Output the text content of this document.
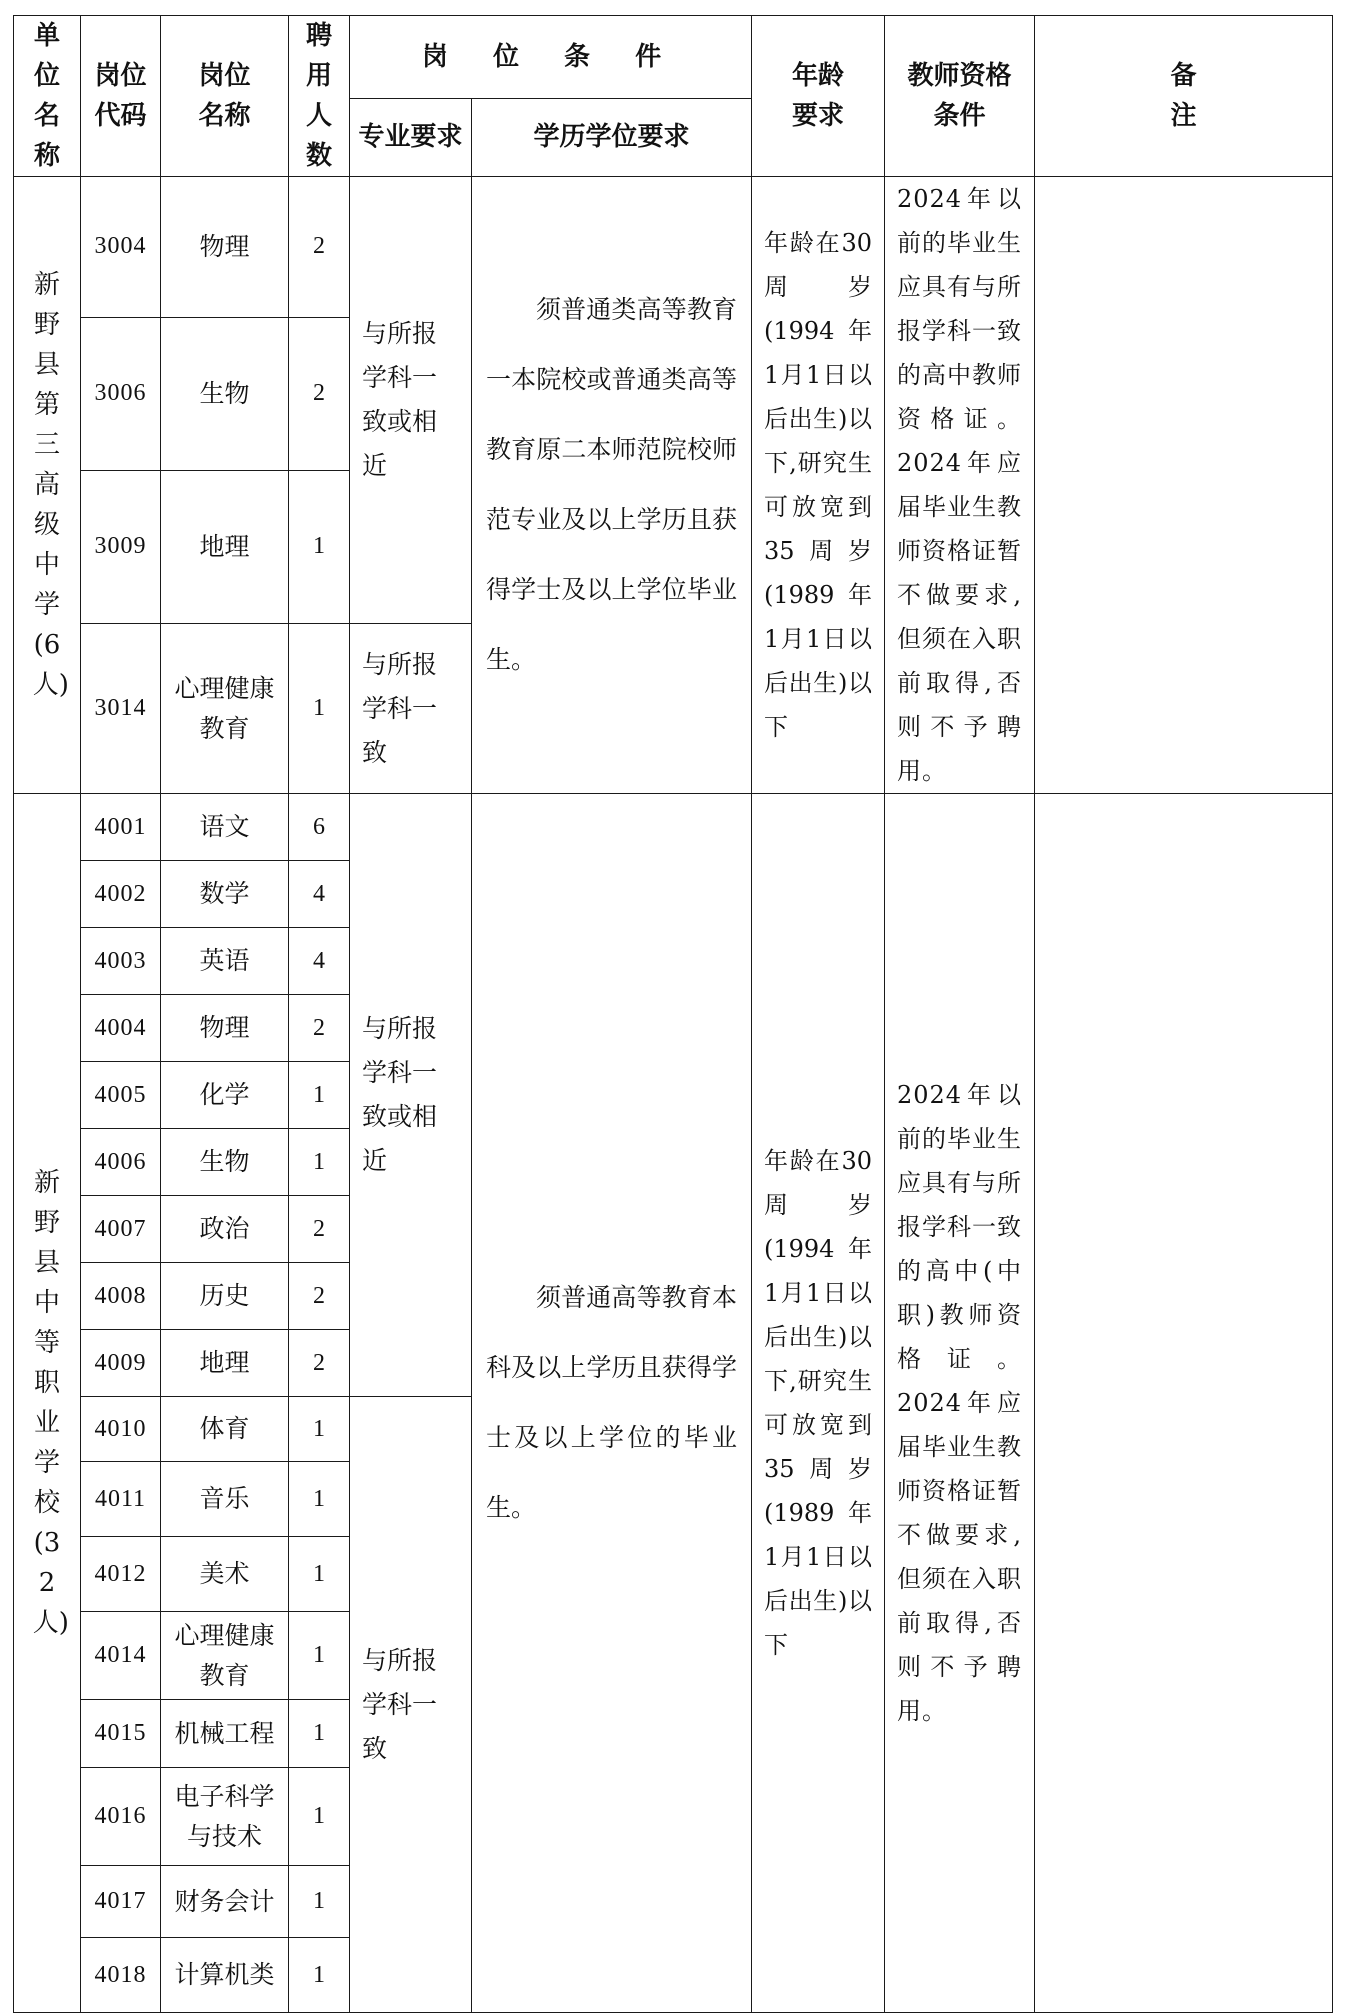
单位名称	岗位代码	岗位名称	聘用人数	岗 位 条 件		年龄要求	教师资格条件	备注
				专业要求	学历学位要求			
新野县第三高级中学(6人)	3004	物理	2	与所报学科一致或相近	须普通类高等教育一本院校或普通类高等教育原二本师范院校师范专业及以上学历且获得学士及以上学位毕业生。	年龄在30周岁(1994年1月1日以后出生)以下,研究生可放宽到35周岁(1989年1月1日以后出生)以下	2024年以前的毕业生应具有与所报学科一致的高中教师资格证。2024年应届毕业生教师资格证暂不做要求,但须在入职前取得,否则不予聘用。	
	3006	生物	2					
	3009	地理	1					
	3014	心理健康教育	1	与所报学科一致				
新野县中等职业学校(32人)	4001	语文	6	与所报学科一致或相近	须普通高等教育本科及以上学历且获得学士及以上学位的毕业生。	年龄在30周岁(1994年1月1日以后出生)以下,研究生可放宽到35周岁(1989年1月1日以后出生)以下	2024年以前的毕业生应具有与所报学科一致的高中(中职)教师资格证。2024年应届毕业生教师资格证暂不做要求,但须在入职前取得,否则不予聘用。	
	4002	数学	4					
	4003	英语	4					
	4004	物理	2					
	4005	化学	1					
	4006	生物	1					
	4007	政治	2					
	4008	历史	2					
	4009	地理	2					
	4010	体育	1	与所报学科一致				
	4011	音乐	1					
	4012	美术	1					
	4014	心理健康教育	1					
	4015	机械工程	1					
	4016	电子科学与技术	1					
	4017	财务会计	1					
	4018	计算机类	1					
